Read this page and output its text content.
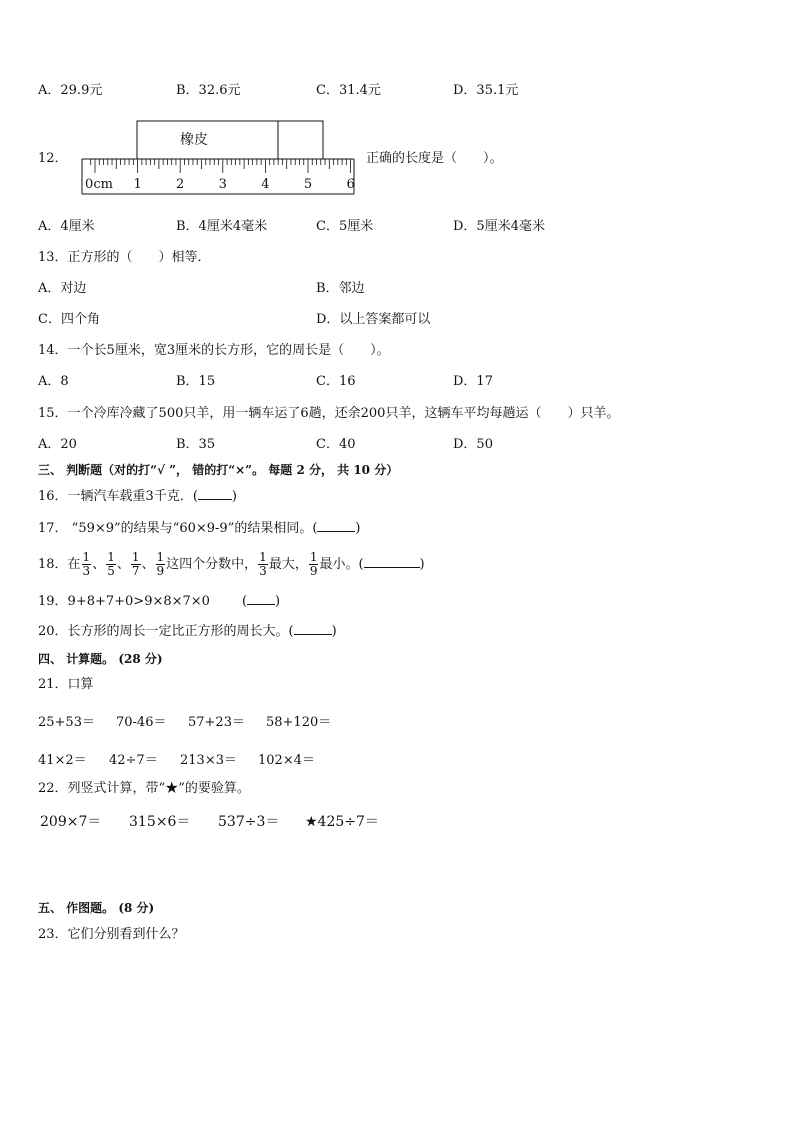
A．29.9元	B．32.6元	C．31.4元	D．35.1元
12．
橡皮
0cm 1	2	3	4	5	6
正确的长度是（　　）。
A．4厘米	B．4厘米4毫米	C．5厘米	D．5厘米4毫米
13．正方形的（　　）相等．
A．对边	B．邻边
C．四个角	D．以上答案都可以
14．一个长5厘米，宽3厘米的长方形，它的周长是（　　）。
A．8	B．15	C．16	D．17
15．一个冷库冷藏了500只羊，用一辆车运了6趟，还余200只羊，这辆车平均每趟运（　　）只羊。
A．20	B．35	C．40	D．50
三、 判断题（对的打“√ ”， 错的打“×”。 每题 2 分， 共 10 分）
16．一辆汽车载重3千克．(	)
17． “59×9”的结果与“60×9-9”的结果相同。(	)
18．在 $\frac{1}{3}$ 、 $\frac{1}{5}$ 、 $\frac{1}{7}$ 、 $\frac{1}{9}$ 这四个分数中， $\frac{1}{3}$ 最大， $\frac{1}{9}$ 最小。(	)
19．9+8+7+0>9×8×7×0 ( )
20．长方形的周长一定比正方形的周长大。(	)
四、 计算题。 (28 分)
21．口算
25+53＝ 70-46＝ 57+23＝ 58+120＝
41×2＝ 42÷7＝ 213×3＝ 102×4＝
22．列竖式计算，带“★”的要验算。
209×7＝ 315×6＝ 537÷3＝ ★425÷7＝
五、 作图题。 (8 分)
23．它们分别看到什么？
